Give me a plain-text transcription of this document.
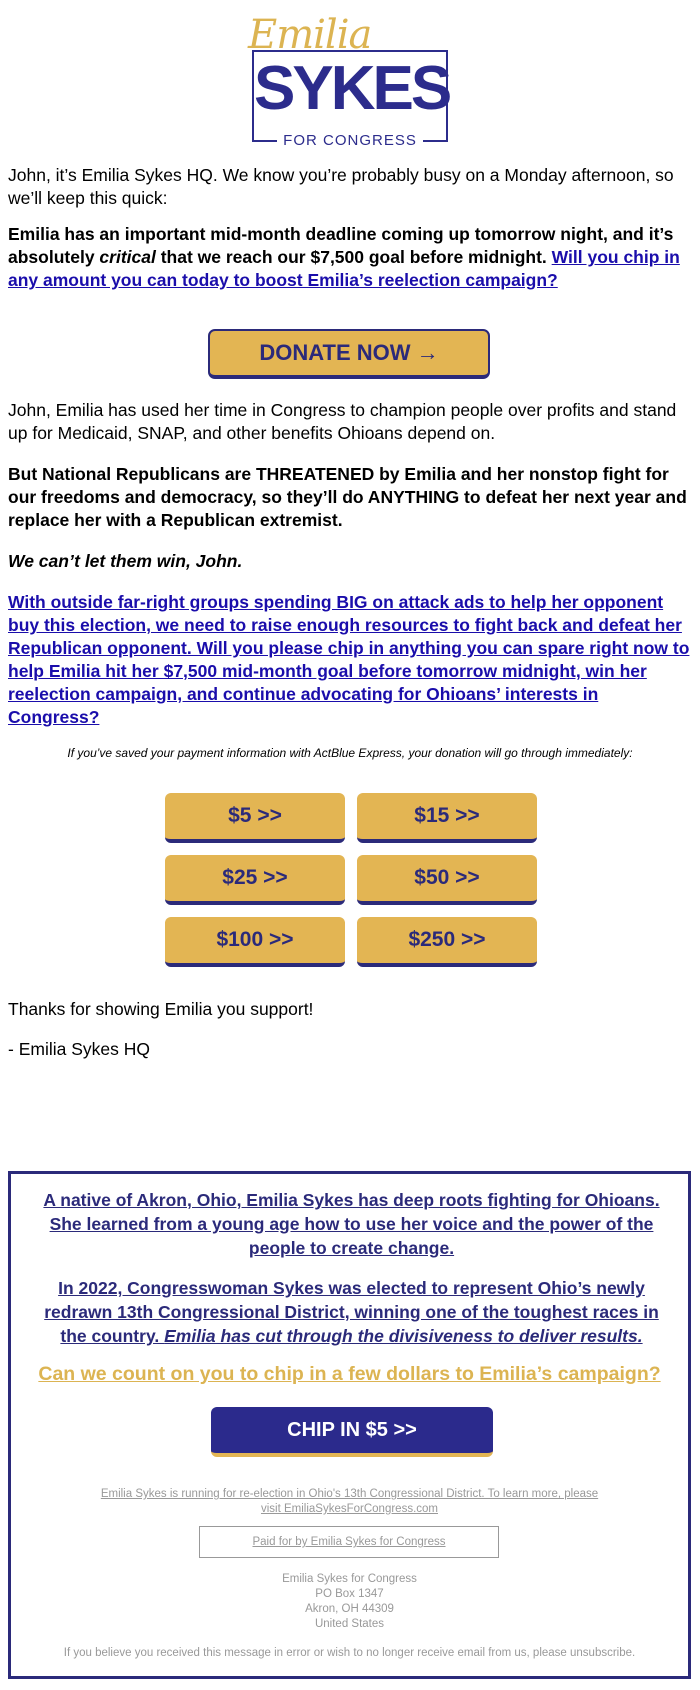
Emilia
SYKES
FOR CONGRESS

John, it’s Emilia Sykes HQ. We know you’re probably busy on a Monday afternoon, so we’ll keep this quick:

Emilia has an important mid-month deadline coming up tomorrow night, and it’s absolutely critical that we reach our $7,500 goal before midnight. Will you chip in any amount you can today to boost Emilia’s reelection campaign?

DONATE NOW →

John, Emilia has used her time in Congress to champion people over profits and stand up for Medicaid, SNAP, and other benefits Ohioans depend on.

But National Republicans are THREATENED by Emilia and her nonstop fight for our freedoms and democracy, so they’ll do ANYTHING to defeat her next year and replace her with a Republican extremist.

We can’t let them win, John.

With outside far-right groups spending BIG on attack ads to help her opponent buy this election, we need to raise enough resources to fight back and defeat her Republican opponent. Will you please chip in anything you can spare right now to help Emilia hit her $7,500 mid-month goal before tomorrow midnight, win her reelection campaign, and continue advocating for Ohioans’ interests in Congress?

If you’ve saved your payment information with ActBlue Express, your donation will go through immediately:
$5 >>	$15 >>
$25 >>	$50 >>
$100 >>	$250 >>

Thanks for showing Emilia you support!

- Emilia Sykes HQ

A native of Akron, Ohio, Emilia Sykes has deep roots fighting for Ohioans. She learned from a young age how to use her voice and the power of the people to create change.

In 2022, Congresswoman Sykes was elected to represent Ohio’s newly redrawn 13th Congressional District, winning one of the toughest races in the country. Emilia has cut through the divisiveness to deliver results.

Can we count on you to chip in a few dollars to Emilia’s campaign?
CHIP IN $5 >>
Emilia Sykes is running for re-election in Ohio's 13th Congressional District. To learn more, please
visit EmiliaSykesForCongress.com
Paid for by Emilia Sykes for Congress
Emilia Sykes for Congress
PO Box 1347
Akron, OH 44309
United States
If you believe you received this message in error or wish to no longer receive email from us, please unsubscribe.
